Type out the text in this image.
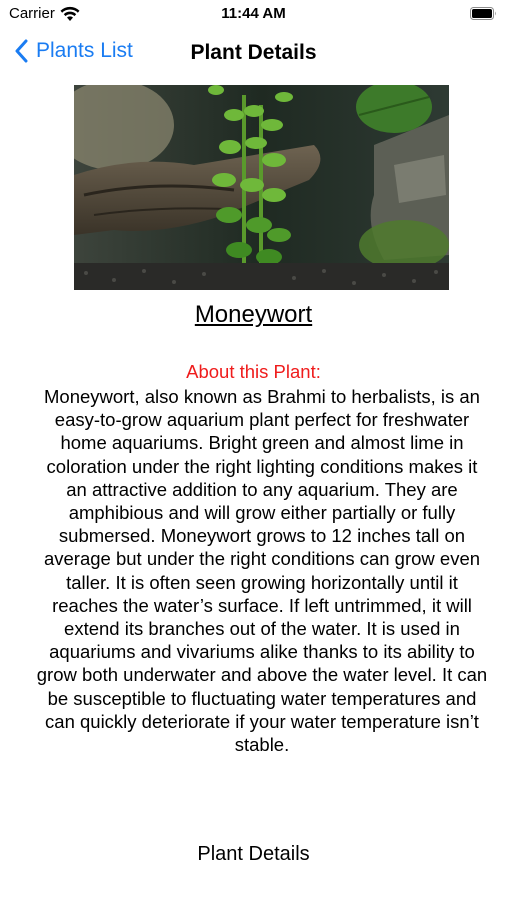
Carrier	11:44 AM
Plants List	Plant Details
Moneywort
About this Plant:
Moneywort, also known as Brahmi to herbalists, is an easy-to-grow aquarium plant perfect for freshwater home aquariums. Bright green and almost lime in coloration under the right lighting conditions makes it an attractive addition to any aquarium. They are amphibious and will grow either partially or fully submersed. Moneywort grows to 12 inches tall on average but under the right conditions can grow even taller. It is often seen growing horizontally until it reaches the water’s surface. If left untrimmed, it will extend its branches out of the water. It is used in aquariums and vivariums alike thanks to its ability to grow both underwater and above the water level. It can be susceptible to fluctuating water temperatures and can quickly deteriorate if your water temperature isn’t stable.
Plant Details
